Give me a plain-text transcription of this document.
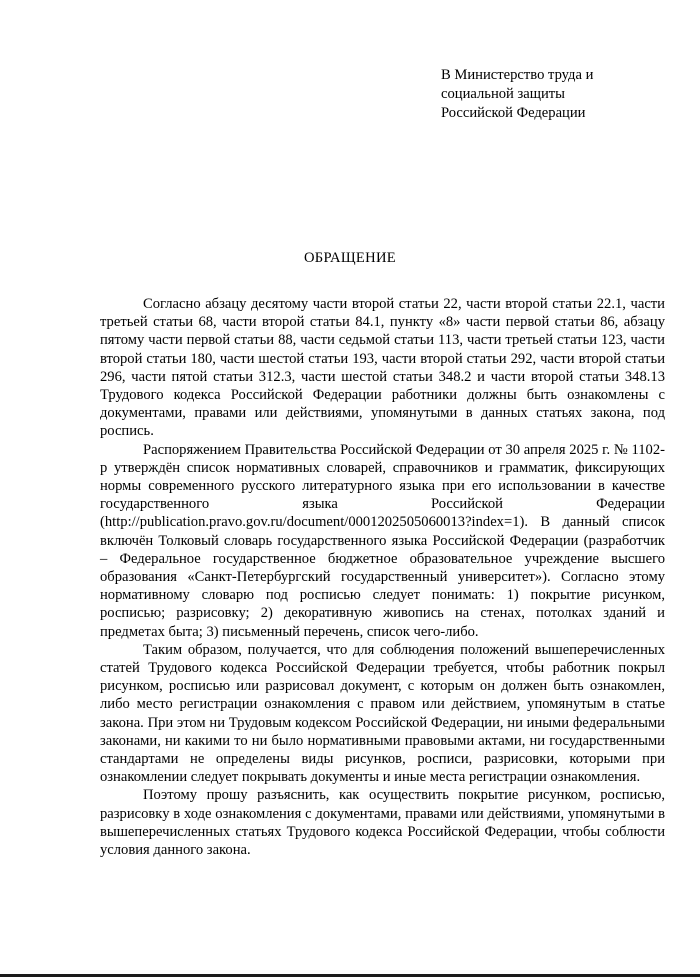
В Министерство труда и
социальной защиты
Российской Федерации
ОБРАЩЕНИЕ

Согласно абзацу десятому части второй статьи 22, части второй статьи 22.1, части третьей статьи 68, части второй статьи 84.1, пункту «8» части первой статьи 86, абзацу пятому части первой статьи 88, части седьмой статьи 113, части третьей статьи 123, части второй статьи 180, части шестой статьи 193, части второй статьи 292, части второй статьи 296, части пятой статьи 312.3, части шестой статьи 348.2 и части второй статьи 348.13 Трудового кодекса Российской Федерации работники должны быть ознакомлены с документами, правами или действиями, упомянутыми в данных статьях закона, под роспись.

Распоряжением Правительства Российской Федерации от 30 апреля 2025 г. № 1102-р утверждён список нормативных словарей, справочников и грамматик, фиксирующих нормы современного русского литературного языка при его использовании в качестве государственного языка Российской Федерации (http://publication.pravo.gov.ru/document/0001202505060013?index=1). В данный список включён Толковый словарь государственного языка Российской Федерации (разработчик – Федеральное государственное бюджетное образовательное учреждение высшего образования «Санкт-Петербургский государственный университет»). Согласно этому нормативному словарю под росписью следует понимать: 1) покрытие рисунком, росписью; разрисовку; 2) декоративную живопись на стенах, потолках зданий и предметах быта; 3) письменный перечень, список чего-либо.

Таким образом, получается, что для соблюдения положений вышеперечисленных статей Трудового кодекса Российской Федерации требуется, чтобы работник покрыл рисунком, росписью или разрисовал документ, с которым он должен быть ознакомлен, либо место регистрации ознакомления с правом или действием, упомянутым в статье закона. При этом ни Трудовым кодексом Российской Федерации, ни иными федеральными законами, ни какими то ни было нормативными правовыми актами, ни государственными стандартами не определены виды рисунков, росписи, разрисовки, которыми при ознакомлении следует покрывать документы и иные места регистрации ознакомления.

Поэтому прошу разъяснить, как осуществить покрытие рисунком, росписью, разрисовку в ходе ознакомления с документами, правами или действиями, упомянутыми в вышеперечисленных статьях Трудового кодекса Российской Федерации, чтобы соблюсти условия данного закона.
